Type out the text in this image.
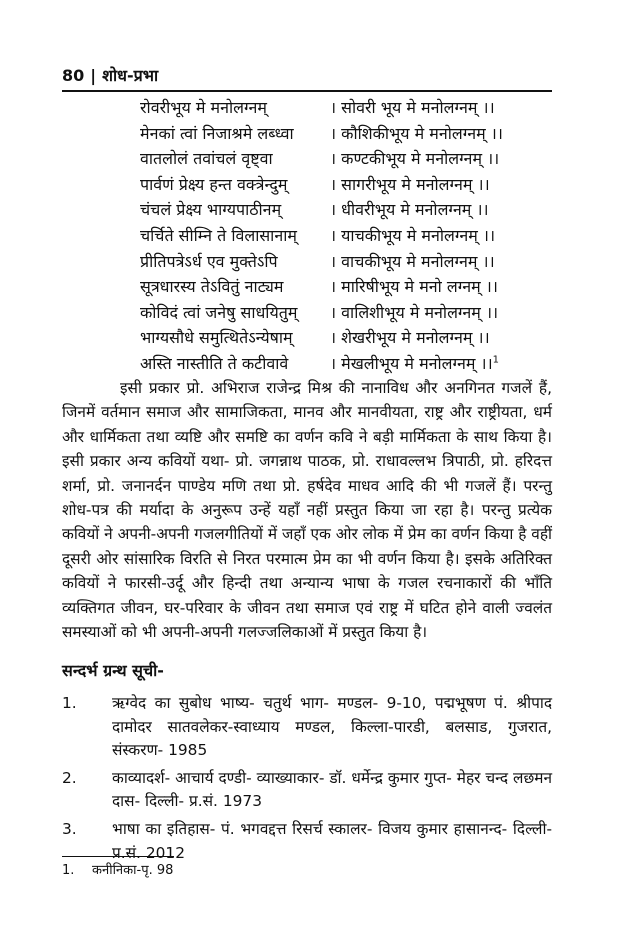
80 | शोध-प्रभा
रोवरीभूय मे मनोलग्नम्	। सोवरी भूय मे मनोलग्नम् ।।
मेनकां त्वां निजाश्रमे लब्ध्वा । कौशिकीभूय मे मनोलग्नम् ।।
वातलोलं तवांचलं वृष्ट्वा	। कण्टकीभूय मे मनोलग्नम् ।।
पार्वणं प्रेक्ष्य हन्त वक्त्रेन्दुम्	। सागरीभूय मे मनोलग्नम् ।।
चंचलं प्रेक्ष्य भाग्यपाठीनम्	। धीवरीभूय मे मनोलग्नम् ।।
चर्चिते सीम्नि ते विलासानाम् । याचकीभूय मे मनोलग्नम् ।।
प्रीतिपत्रेऽर्ध एव मुक्तेऽपि	। वाचकीभूय मे मनोलग्नम् ।।
सूत्रधारस्य तेऽवितुं नाट्यम	। मारिषीभूय मे मनो लग्नम् ।।
कोविदं त्वां जनेषु साधयितुम् । वालिशीभूय मे मनोलग्नम् ।।
भाग्यसौधे समुत्थितेऽन्येषाम् । शेखरीभूय मे मनोलग्नम् ।।
अस्ति नास्तीति ते कटीवावे	। मेखलीभूय मे मनोलग्नम् ।।$^1$
इसी प्रकार प्रो. अभिराज राजेन्द्र मिश्र की नानाविध और अनगिनत गजलें हैं, जिनमें वर्तमान समाज और सामाजिकता, मानव और मानवीयता, राष्ट्र और राष्ट्रीयता, धर्म और धार्मिकता तथा व्यष्टि और समष्टि का वर्णन कवि ने बड़ी मार्मिकता के साथ किया है। इसी प्रकार अन्य कवियों यथा- प्रो. जगन्नाथ पाठक, प्रो. राधावल्लभ त्रिपाठी, प्रो. हरिदत्त शर्मा, प्रो. जनानर्दन पाण्डेय मणि तथा प्रो. हर्षदेव माधव आदि की भी गजलें हैं। परन्तु शोध-पत्र की मर्यादा के अनुरूप उन्हें यहाँ नहीं प्रस्तुत किया जा रहा है। परन्तु प्रत्येक कवियों ने अपनी-अपनी गजलगीतियों में जहाँ एक ओर लोक में प्रेम का वर्णन किया है वहीं दूसरी ओर सांसारिक विरति से निरत परमात्म प्रेम का भी वर्णन किया है। इसके अतिरिक्त कवियों ने फारसी-उर्दू और हिन्दी तथा अन्यान्य भाषा के गजल रचनाकारों की भाँति व्यक्तिगत जीवन, घर-परिवार के जीवन तथा समाज एवं राष्ट्र में घटित होने वाली ज्वलंत समस्याओं को भी अपनी-अपनी गलज्जलिकाओं में प्रस्तुत किया है।
सन्दर्भ ग्रन्थ सूची-
1.	ऋग्वेद का सुबोध भाष्य- चतुर्थ भाग- मण्डल- 9-10, पद्मभूषण पं. श्रीपाद दामोदर सातवलेकर-स्वाध्याय मण्डल, किल्ला-पारडी, बलसाड, गुजरात, संस्करण- 1985
2.	काव्यादर्श- आचार्य दण्डी- व्याख्याकार- डॉ. धर्मेन्द्र कुमार गुप्त- मेहर चन्द लछमन दास- दिल्ली- प्र.सं. 1973
3.	भाषा का इतिहास- पं. भगवद्दत्त रिसर्च स्कालर- विजय कुमार हासानन्द- दिल्ली- प्र.सं. 2012
1. कनीनिका-पृ. 98
